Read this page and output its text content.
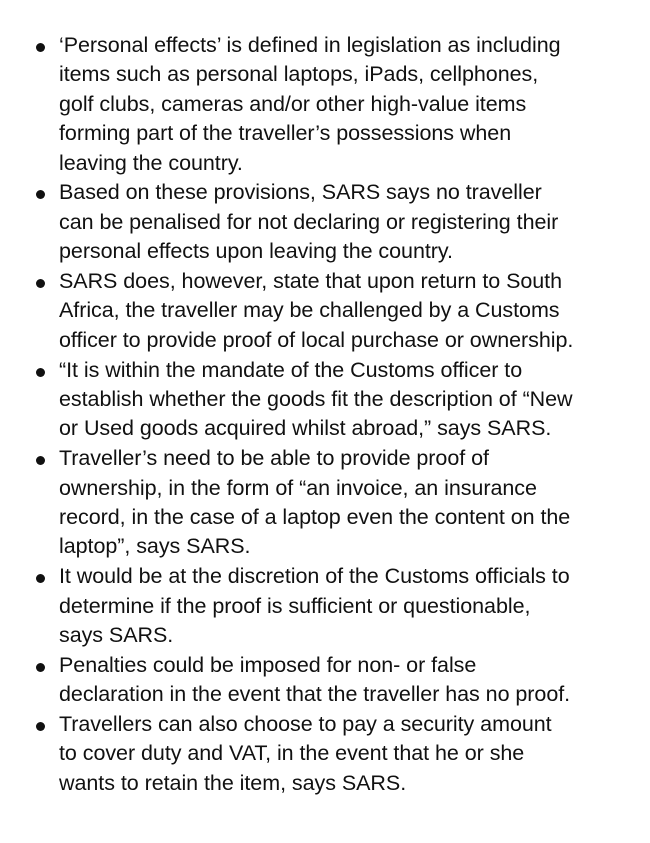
‘Personal effects’ is defined in legislation as including
items such as personal laptops, iPads, cellphones,
golf clubs, cameras and/or other high-value items
forming part of the traveller’s possessions when
leaving the country.
Based on these provisions, SARS says no traveller
can be penalised for not declaring or registering their
personal effects upon leaving the country.
SARS does, however, state that upon return to South
Africa, the traveller may be challenged by a Customs
officer to provide proof of local purchase or ownership.
“It is within the mandate of the Customs officer to
establish whether the goods fit the description of “New
or Used goods acquired whilst abroad,” says SARS.
Traveller’s need to be able to provide proof of
ownership, in the form of “an invoice, an insurance
record, in the case of a laptop even the content on the
laptop”, says SARS.
It would be at the discretion of the Customs officials to
determine if the proof is sufficient or questionable,
says SARS.
Penalties could be imposed for non- or false
declaration in the event that the traveller has no proof.
Travellers can also choose to pay a security amount
to cover duty and VAT, in the event that he or she
wants to retain the item, says SARS.
